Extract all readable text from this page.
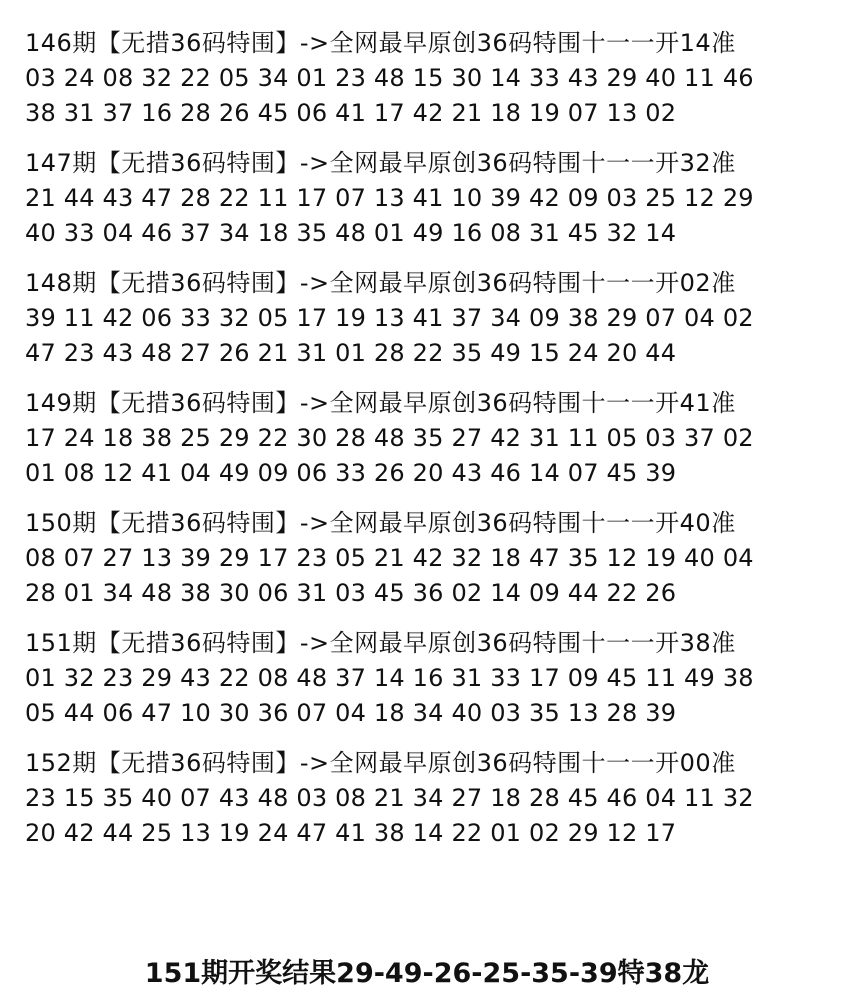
146期【无措36码特围】->全网最早原创36码特围十一一开14准
03 24 08 32 22 05 34 01 23 48 15 30 14 33 43 29 40 11 46
38 31 37 16 28 26 45 06 41 17 42 21 18 19 07 13 02
147期【无措36码特围】->全网最早原创36码特围十一一开32准
21 44 43 47 28 22 11 17 07 13 41 10 39 42 09 03 25 12 29
40 33 04 46 37 34 18 35 48 01 49 16 08 31 45 32 14
148期【无措36码特围】->全网最早原创36码特围十一一开02准
39 11 42 06 33 32 05 17 19 13 41 37 34 09 38 29 07 04 02
47 23 43 48 27 26 21 31 01 28 22 35 49 15 24 20 44
149期【无措36码特围】->全网最早原创36码特围十一一开41准
17 24 18 38 25 29 22 30 28 48 35 27 42 31 11 05 03 37 02
01 08 12 41 04 49 09 06 33 26 20 43 46 14 07 45 39
150期【无措36码特围】->全网最早原创36码特围十一一开40准
08 07 27 13 39 29 17 23 05 21 42 32 18 47 35 12 19 40 04
28 01 34 48 38 30 06 31 03 45 36 02 14 09 44 22 26
151期【无措36码特围】->全网最早原创36码特围十一一开38准
01 32 23 29 43 22 08 48 37 14 16 31 33 17 09 45 11 49 38
05 44 06 47 10 30 36 07 04 18 34 40 03 35 13 28 39
152期【无措36码特围】->全网最早原创36码特围十一一开00准
23 15 35 40 07 43 48 03 08 21 34 27 18 28 45 46 04 11 32
20 42 44 25 13 19 24 47 41 38 14 22 01 02 29 12 17
151期开奖结果29-49-26-25-35-39特38龙
